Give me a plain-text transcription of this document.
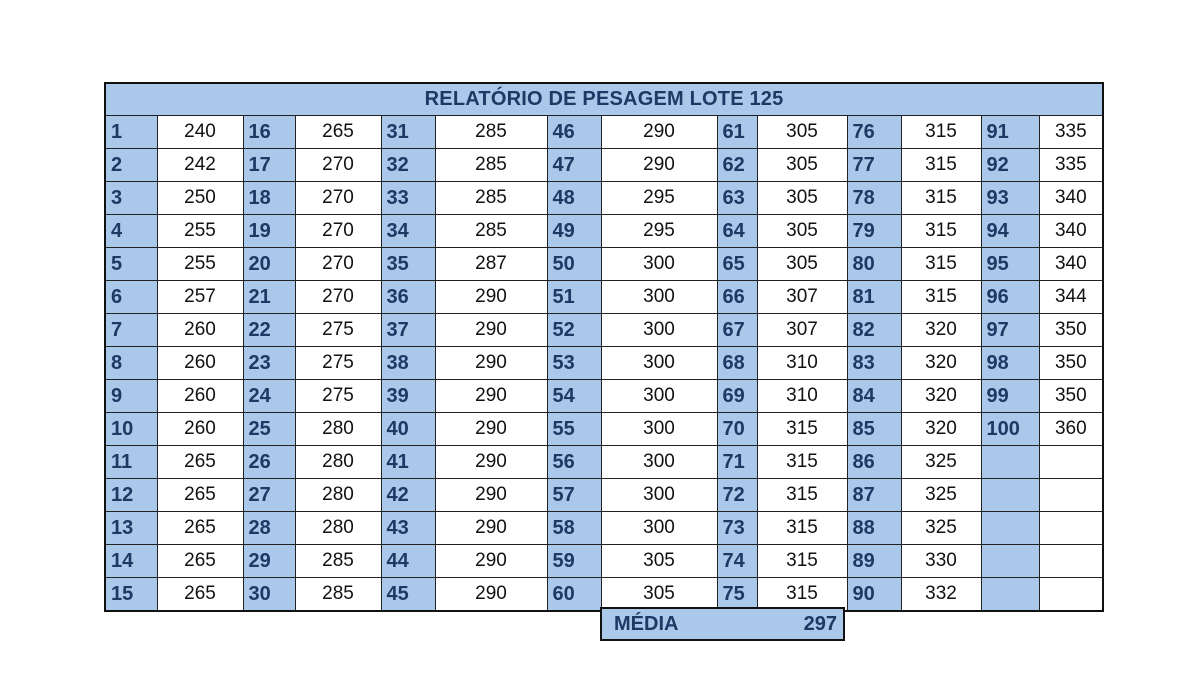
RELATÓRIO DE PESAGEM LOTE 125													
1	240	16	265	31	285	46	290	61	305	76	315	91	335
2	242	17	270	32	285	47	290	62	305	77	315	92	335
3	250	18	270	33	285	48	295	63	305	78	315	93	340
4	255	19	270	34	285	49	295	64	305	79	315	94	340
5	255	20	270	35	287	50	300	65	305	80	315	95	340
6	257	21	270	36	290	51	300	66	307	81	315	96	344
7	260	22	275	37	290	52	300	67	307	82	320	97	350
8	260	23	275	38	290	53	300	68	310	83	320	98	350
9	260	24	275	39	290	54	300	69	310	84	320	99	350
10	260	25	280	40	290	55	300	70	315	85	320	100	360
11	265	26	280	41	290	56	300	71	315	86	325		
12	265	27	280	42	290	57	300	72	315	87	325		
13	265	28	280	43	290	58	300	73	315	88	325		
14	265	29	285	44	290	59	305	74	315	89	330		
15	265	30	285	45	290	60	305	75	315	90	332		
MÉDIA	297
